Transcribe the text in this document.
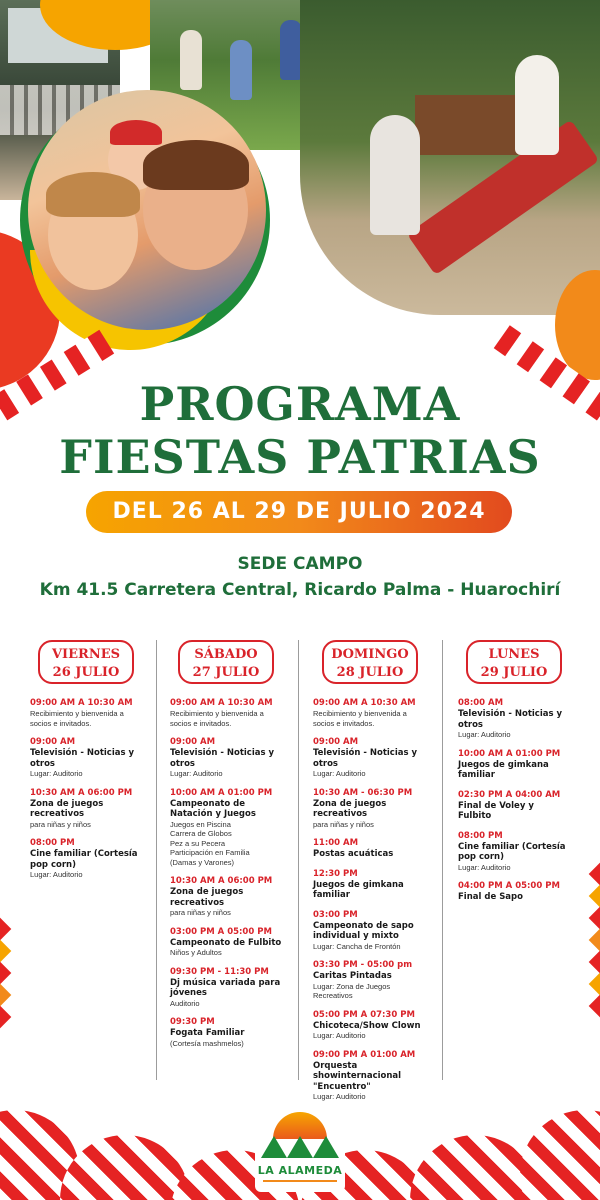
PROGRAMA
FIESTAS PATRIAS
DEL 26 AL 29 DE JULIO 2024
SEDE CAMPO
Km 41.5 Carretera Central, Ricardo Palma - Huarochirí
VIERNES
26 JULIO
09:00 AM A 10:30 AM
Recibimiento y bienvenida a socios e invitados.
09:00 AM
Televisión - Noticias y otros
Lugar: Auditorio
10:30 AM A 06:00 PM
Zona de juegos recreativos
para niñas y niños
08:00 PM
Cine familiar (Cortesía pop corn)
Lugar: Auditorio
SÁBADO
27 JULIO
09:00 AM A 10:30 AM
Recibimiento y bienvenida a socios e invitados.
09:00 AM
Televisión - Noticias y otros
Lugar: Auditorio
10:00 AM A 01:00 PM
Campeonato de Natación y Juegos
Juegos en Piscina
Carrera de Globos
Pez a su Pecera
Participación en Familia
(Damas y Varones)
10:30 AM A 06:00 PM
Zona de juegos recreativos
para niñas y niños
03:00 PM A 05:00 PM
Campeonato de Fulbito
Niños y Adultos
09:30 PM - 11:30 PM
Dj música variada para jóvenes
Auditorio
09:30 PM
Fogata Familiar
(Cortesía mashmelos)
DOMINGO
28 JULIO
09:00 AM A 10:30 AM
Recibimiento y bienvenida a socios e invitados.
09:00 AM
Televisión - Noticias y otros
Lugar: Auditorio
10:30 AM - 06:30 PM
Zona de juegos recreativos
para niñas y niños
11:00 AM
Postas acuáticas
12:30 PM
Juegos de gimkana familiar
03:00 PM
Campeonato de sapo individual y mixto
Lugar: Cancha de Frontón
03:30 PM - 05:00 pm
Caritas Pintadas
Lugar: Zona de Juegos Recreativos
05:00 PM A 07:30 PM
Chicoteca/Show Clown
Lugar: Auditorio
09:00 PM A 01:00 AM
Orquesta showinternacional "Encuentro"
Lugar: Auditorio
LUNES
29 JULIO
08:00 AM
Televisión - Noticias y otros
Lugar: Auditorio
10:00 AM A 01:00 PM
Juegos de gimkana familiar
02:30 PM A 04:00 AM
Final de Voley y Fulbito
08:00 PM
Cine familiar (Cortesía pop corn)
Lugar: Auditorio
04:00 PM A 05:00 PM
Final de Sapo
LA ALAMEDA
